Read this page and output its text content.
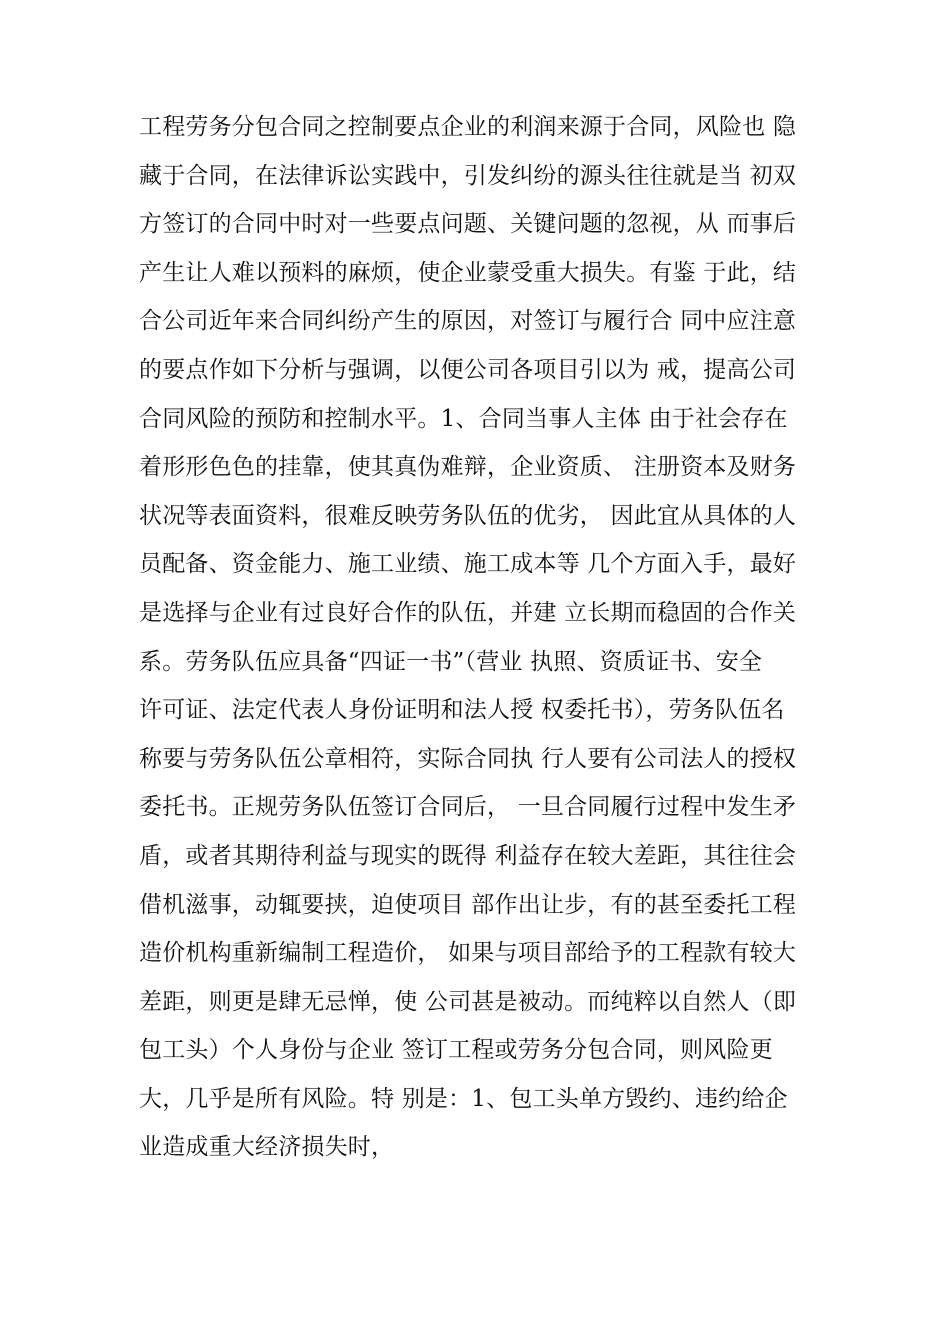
工程劳务分包合同之控制要点企业的利润来源于合同，风险也 隐
藏于合同，在法律诉讼实践中，引发纠纷的源头往往就是当 初双
方签订的合同中时对一些要点问题、关键问题的忽视，从 而事后
产生让人难以预料的麻烦，使企业蒙受重大损失。有鉴 于此，结
合公司近年来合同纠纷产生的原因，对签订与履行合 同中应注意
的要点作如下分析与强调，以便公司各项目引以为 戒，提高公司
合同风险的预防和控制水平。1、合同当事人主体 由于社会存在
着形形色色的挂靠，使其真伪难辩，企业资质、 注册资本及财务
状况等表面资料，很难反映劳务队伍的优劣， 因此宜从具体的人
员配备、资金能力、施工业绩、施工成本等 几个方面入手，最好
是选择与企业有过良好合作的队伍，并建 立长期而稳固的合作关
系。劳务队伍应具备“四证一书”（营业 执照、资质证书、安全
许可证、法定代表人身份证明和法人授 权委托书），劳务队伍名
称要与劳务队伍公章相符，实际合同执 行人要有公司法人的授权
委托书。正规劳务队伍签订合同后， 一旦合同履行过程中发生矛
盾，或者其期待利益与现实的既得 利益存在较大差距，其往往会
借机滋事，动辄要挟，迫使项目 部作出让步，有的甚至委托工程
造价机构重新编制工程造价， 如果与项目部给予的工程款有较大
差距，则更是肆无忌惮，使 公司甚是被动。而纯粹以自然人（即
包工头）个人身份与企业 签订工程或劳务分包合同，则风险更
大，几乎是所有风险。特 别是：1、包工头单方毁约、违约给企
业造成重大经济损失时，
